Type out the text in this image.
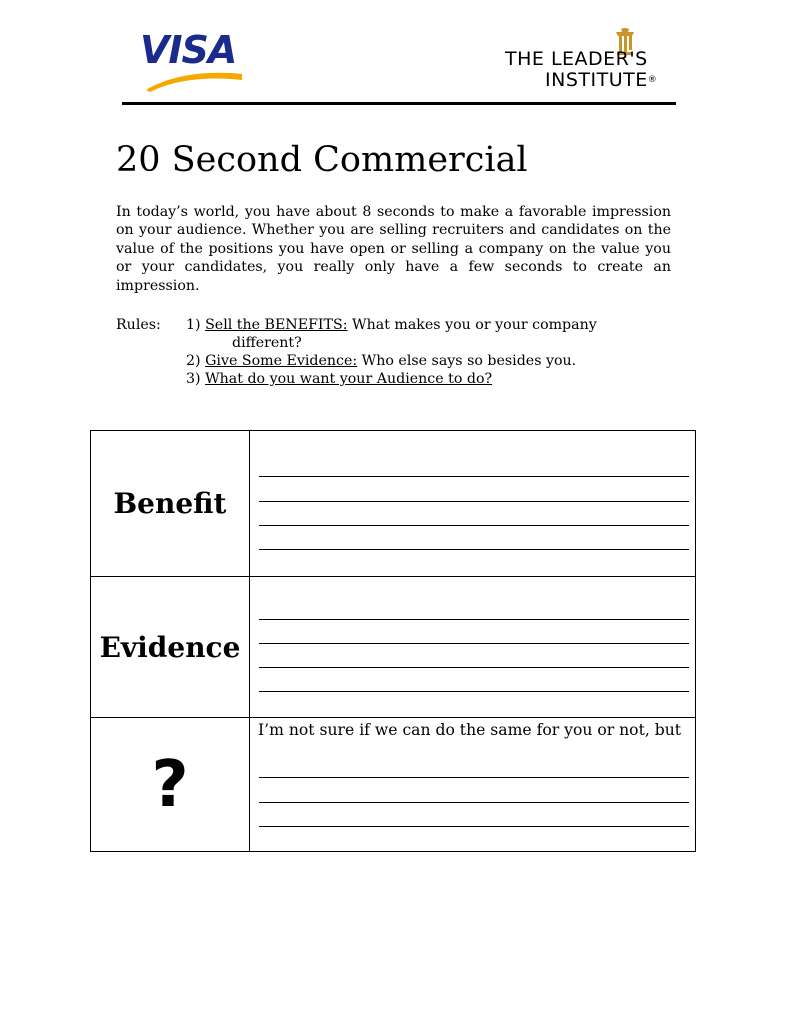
VISA	THE LEADER'S
INSTITUTE®
20 Second Commercial

In today’s world, you have about 8 seconds to make a favorable impression on your audience. Whether you are selling recruiters and candidates on the value of the positions you have open or selling a company on the value you or your candidates, you really only have a few seconds to create an impression.

Rules: 1) Sell the BENEFITS: What makes you or your company
different?
2) Give Some Evidence: Who else says so besides you.
3) What do you want your Audience to do?
Benefit
Evidence
?
I’m not sure if we can do the same for you or not, but
